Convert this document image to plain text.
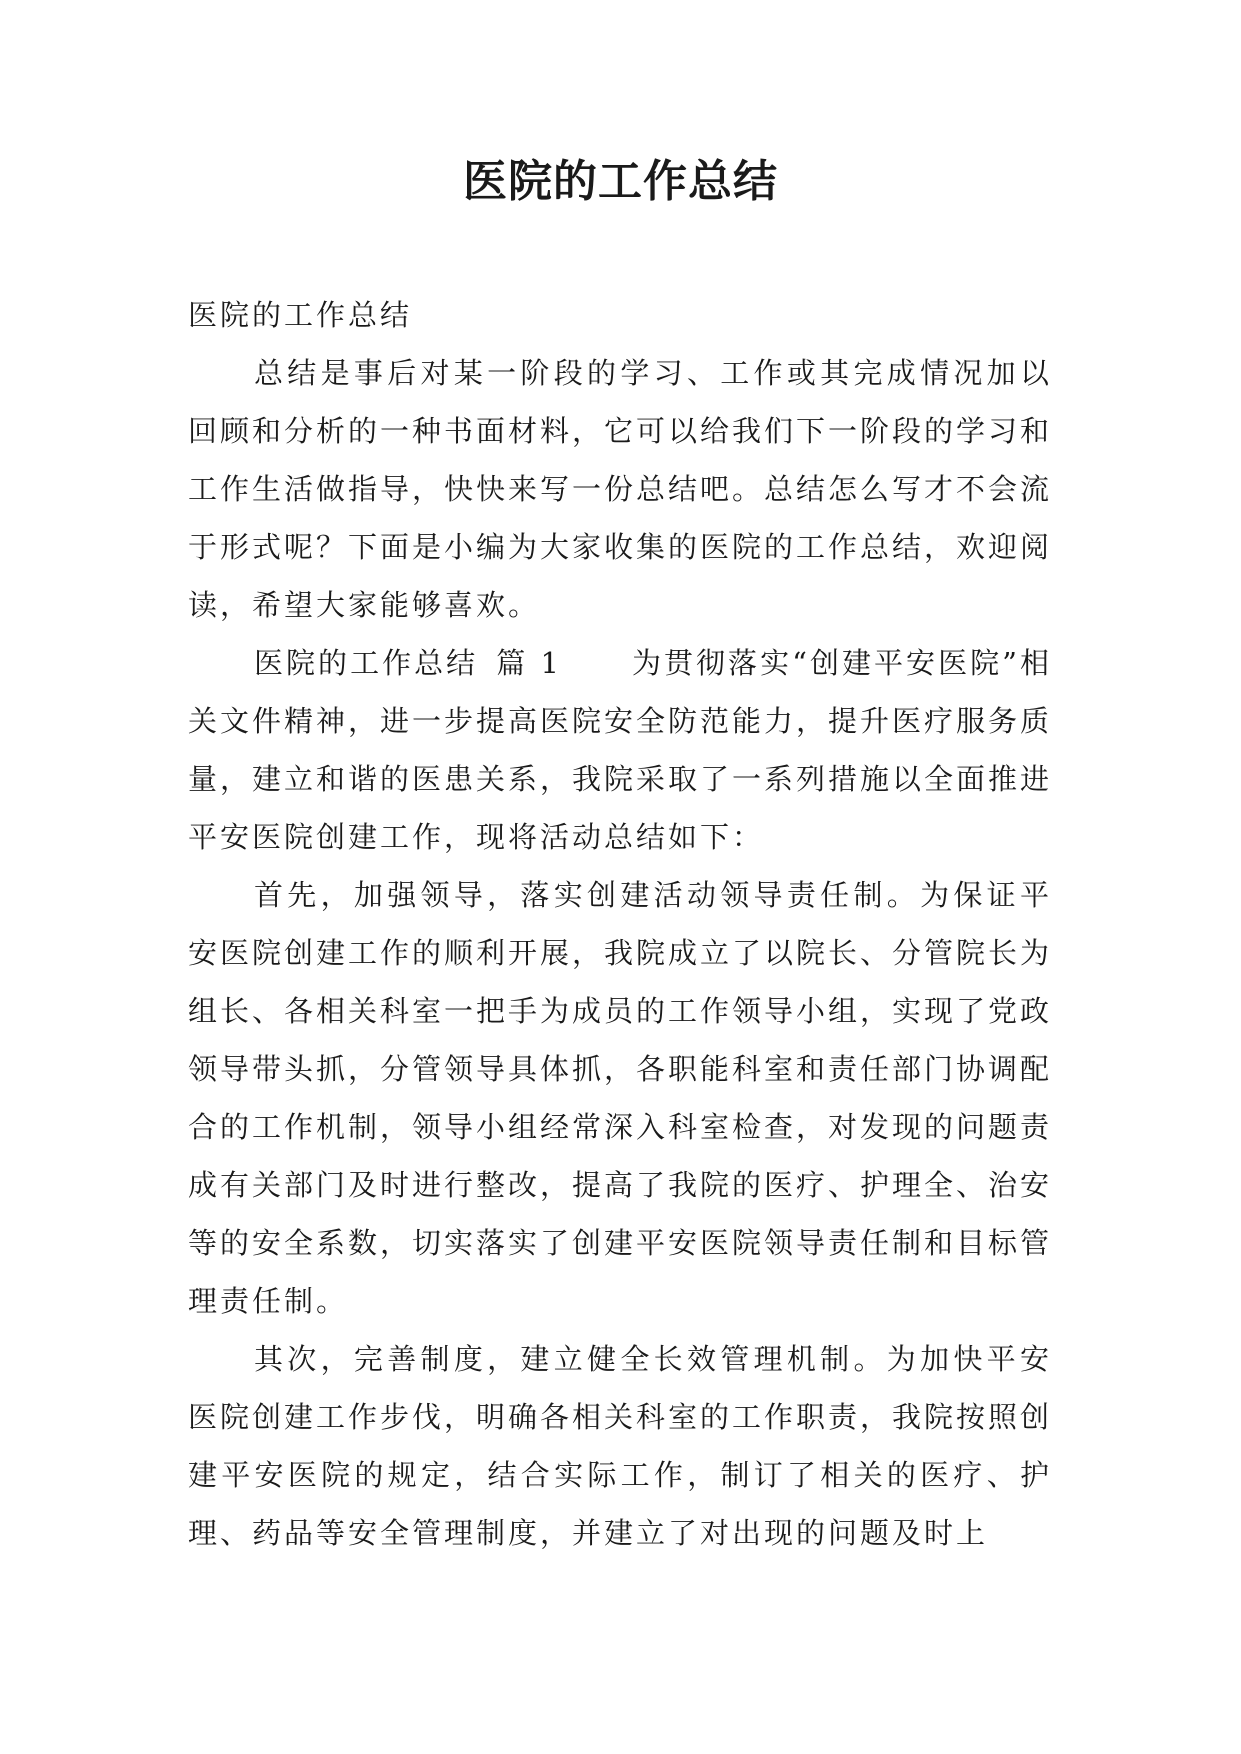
医院的工作总结

医院的工作总结

总结是事后对某一阶段的学习、工作或其完成情况加以回顾和分析的一种书面材料，它可以给我们下一阶段的学习和工作生活做指导，快快来写一份总结吧。总结怎么写才不会流于形式呢？下面是小编为大家收集的医院的工作总结，欢迎阅读，希望大家能够喜欢。

医院的工作总结 篇 1 为贯彻落实“创建平安医院”相关文件精神，进一步提高医院安全防范能力，提升医疗服务质量，建立和谐的医患关系，我院采取了一系列措施以全面推进平安医院创建工作，现将活动总结如下：

首先，加强领导，落实创建活动领导责任制。为保证平安医院创建工作的顺利开展，我院成立了以院长、分管院长为组长、各相关科室一把手为成员的工作领导小组，实现了党政领导带头抓，分管领导具体抓，各职能科室和责任部门协调配合的工作机制，领导小组经常深入科室检查，对发现的问题责成有关部门及时进行整改，提高了我院的医疗、护理全、治安等的安全系数，切实落实了创建平安医院领导责任制和目标管理责任制。

其次，完善制度，建立健全长效管理机制。为加快平安医院创建工作步伐，明确各相关科室的工作职责，我院按照创建平安医院的规定，结合实际工作，制订了相关的医疗、护理、药品等安全管理制度，并建立了对出现的问题及时上
